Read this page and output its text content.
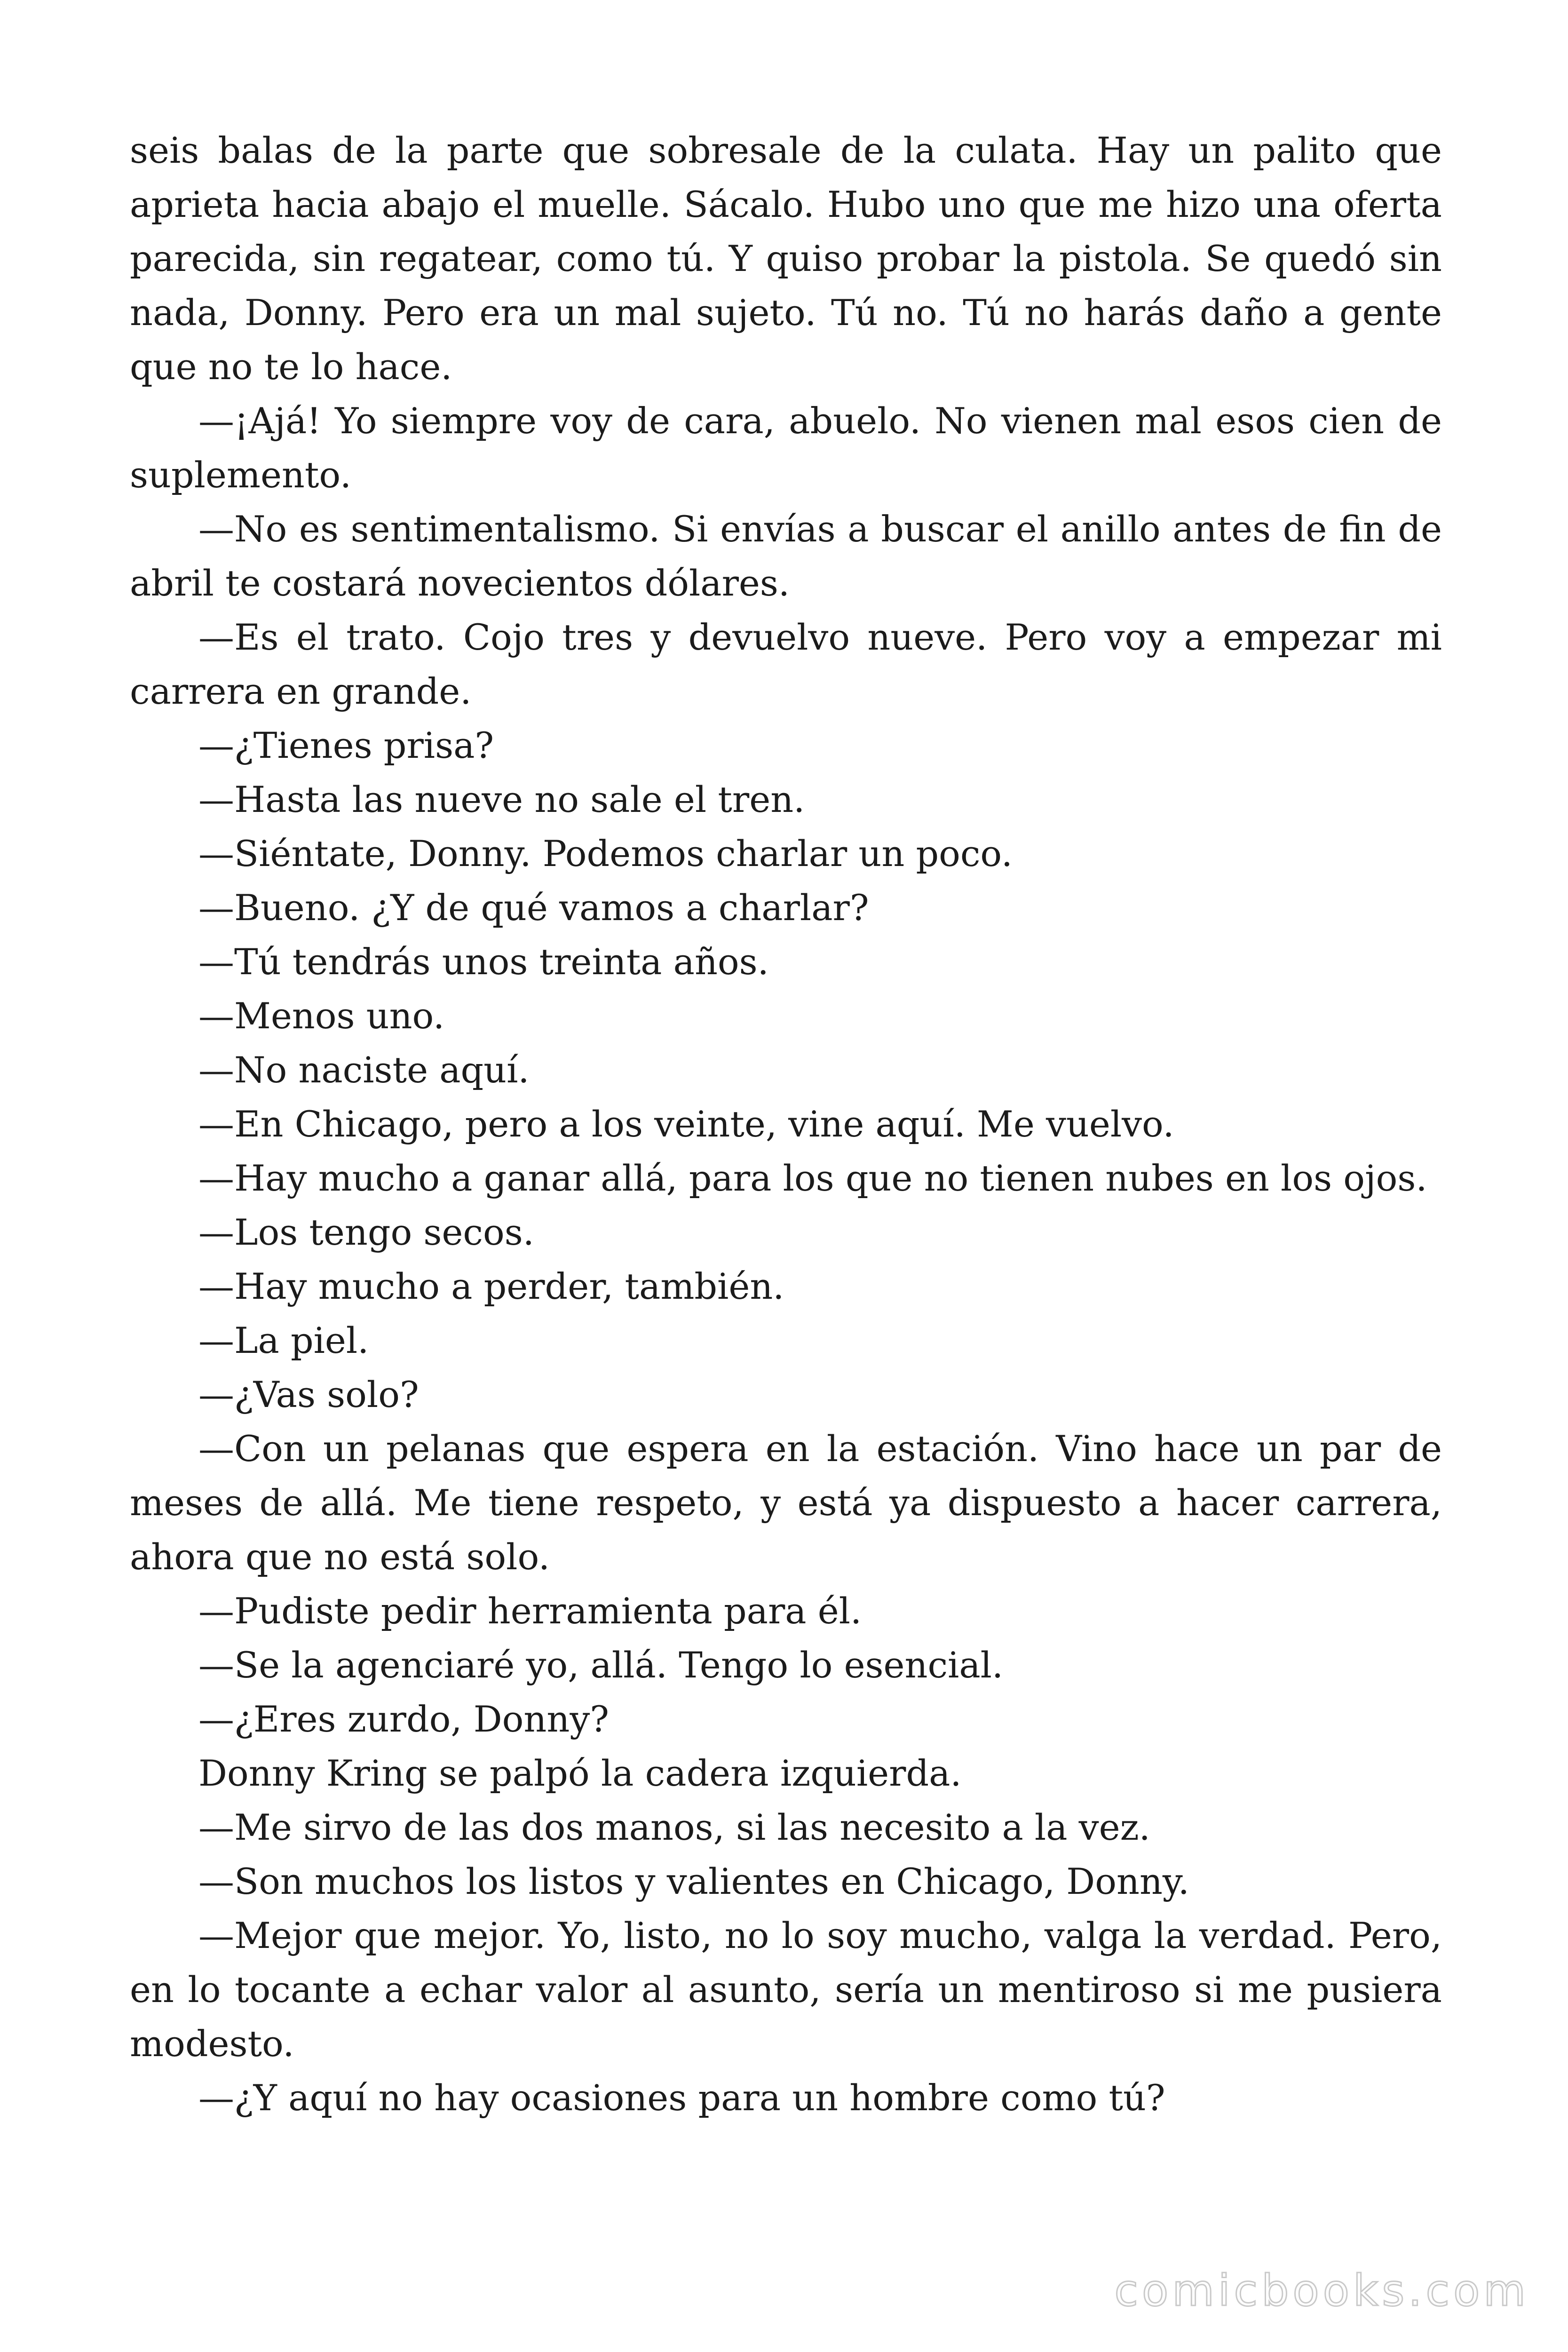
seis balas de la parte que sobresale de la culata. Hay un palito que aprieta hacia abajo el muelle. Sácalo. Hubo uno que me hizo una oferta parecida, sin regatear, como tú. Y quiso probar la pistola. Se quedó sin nada, Donny. Pero era un mal sujeto. Tú no. Tú no harás daño a gente que no te lo hace.

—¡Ajá! Yo siempre voy de cara, abuelo. No vienen mal esos cien de suplemento.

—No es sentimentalismo. Si envías a buscar el anillo antes de fin de abril te costará novecientos dólares.

—Es el trato. Cojo tres y devuelvo nueve. Pero voy a empezar mi carrera en grande.

—¿Tienes prisa?

—Hasta las nueve no sale el tren.

—Siéntate, Donny. Podemos charlar un poco.

—Bueno. ¿Y de qué vamos a charlar?

—Tú tendrás unos treinta años.

—Menos uno.

—No naciste aquí.

—En Chicago, pero a los veinte, vine aquí. Me vuelvo.

—Hay mucho a ganar allá, para los que no tienen nubes en los ojos.

—Los tengo secos.

—Hay mucho a perder, también.

—La piel.

—¿Vas solo?

—Con un pelanas que espera en la estación. Vino hace un par de meses de allá. Me tiene respeto, y está ya dispuesto a hacer carrera, ahora que no está solo.

—Pudiste pedir herramienta para él.

—Se la agenciaré yo, allá. Tengo lo esencial.

—¿Eres zurdo, Donny?

Donny Kring se palpó la cadera izquierda.

—Me sirvo de las dos manos, si las necesito a la vez.

—Son muchos los listos y valientes en Chicago, Donny.

—Mejor que mejor. Yo, listo, no lo soy mucho, valga la verdad. Pero, en lo tocante a echar valor al asunto, sería un mentiroso si me pusiera modesto.

—¿Y aquí no hay ocasiones para un hombre como tú?

comicbooks.com
